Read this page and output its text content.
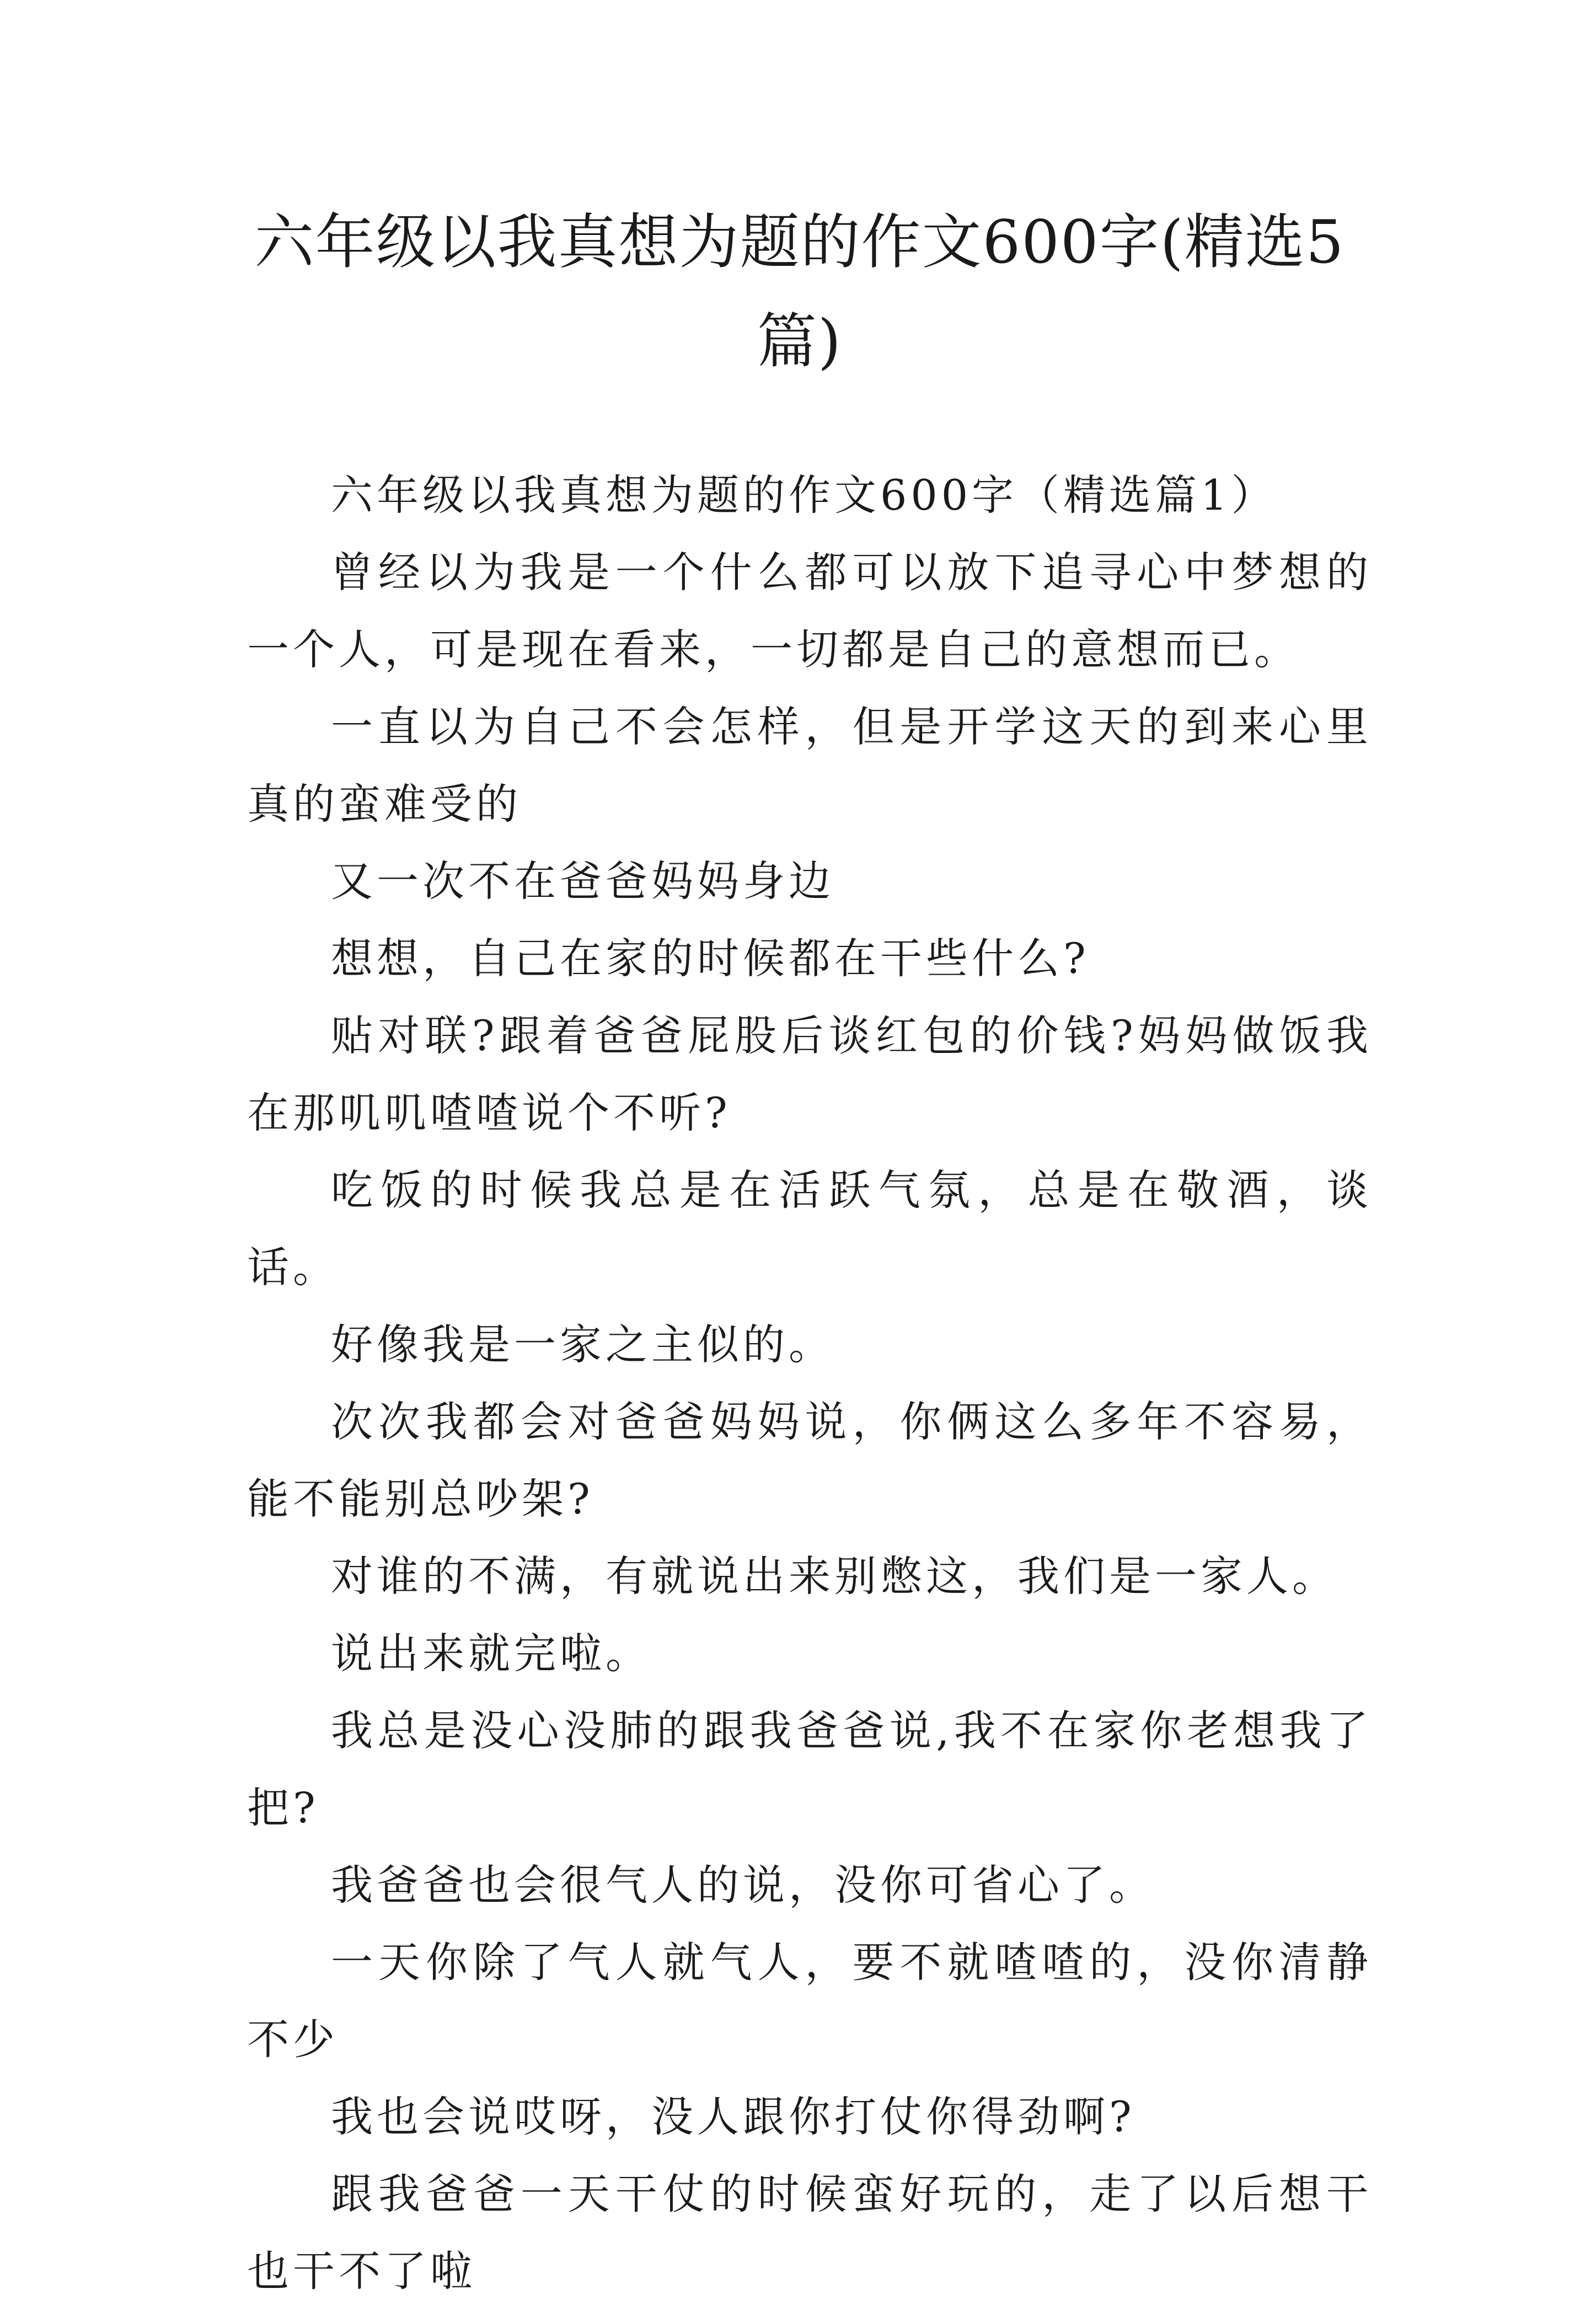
六年级以我真想为题的作文600字(精选5篇)

六年级以我真想为题的作文600字（精选篇1）

曾经以为我是一个什么都可以放下追寻心中梦想的一个人，可是现在看来，一切都是自己的意想而已。

一直以为自己不会怎样，但是开学这天的到来心里真的蛮难受的

又一次不在爸爸妈妈身边

想想，自己在家的时候都在干些什么?

贴对联?跟着爸爸屁股后谈红包的价钱?妈妈做饭我在那叽叽喳喳说个不听?

吃饭的时候我总是在活跃气氛，总是在敬酒，谈话。

好像我是一家之主似的。

次次我都会对爸爸妈妈说，你俩这么多年不容易，能不能别总吵架?

对谁的不满，有就说出来别憋这，我们是一家人。

说出来就完啦。

我总是没心没肺的跟我爸爸说,我不在家你老想我了把?

我爸爸也会很气人的说，没你可省心了。

一天你除了气人就气人，要不就喳喳的，没你清静不少

我也会说哎呀，没人跟你打仗你得劲啊?

跟我爸爸一天干仗的时候蛮好玩的，走了以后想干也干不了啦
